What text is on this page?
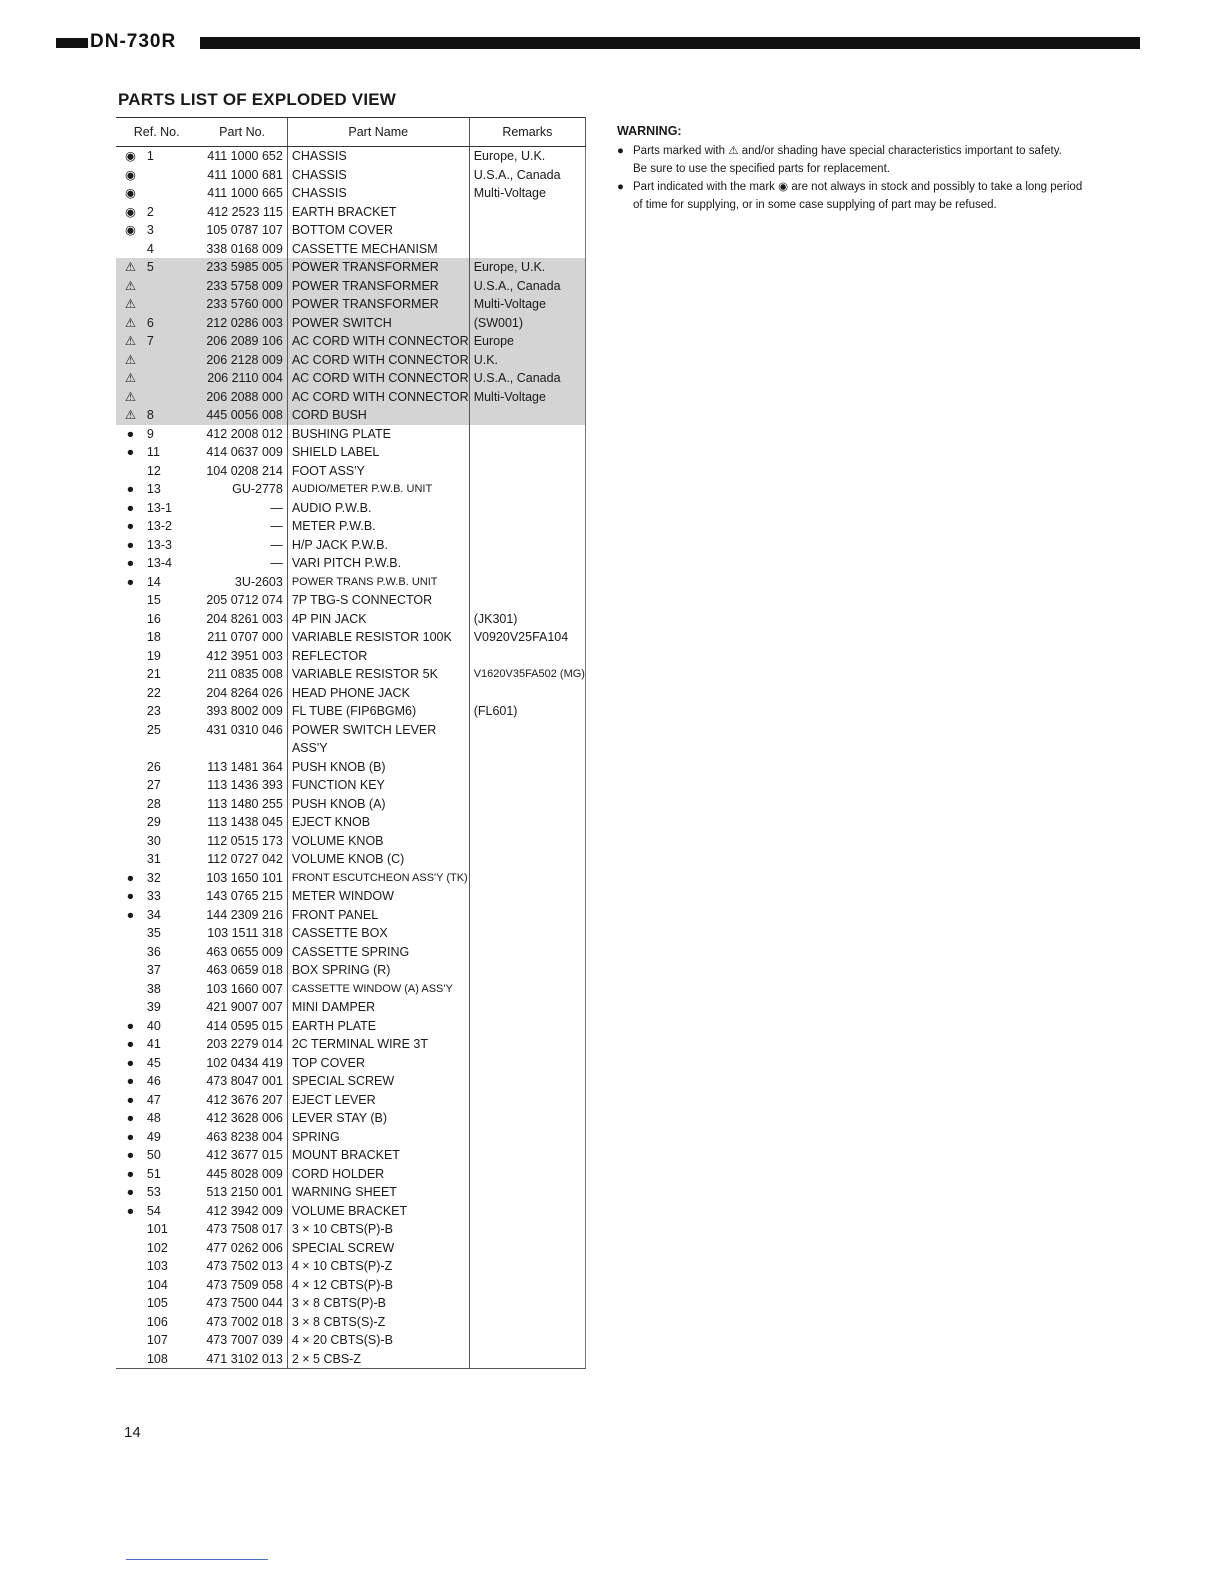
DN-730R
PARTS LIST OF EXPLODED VIEW
Ref. No.		Part No.	Part Name	Remarks
◉	1	411 1000 652	CHASSIS	Europe, U.K.
◉		411 1000 681	CHASSIS	U.S.A., Canada
◉		411 1000 665	CHASSIS	Multi-Voltage
◉	2	412 2523 115	EARTH BRACKET	
◉	3	105 0787 107	BOTTOM COVER	
	4	338 0168 009	CASSETTE MECHANISM	
⚠	5	233 5985 005	POWER TRANSFORMER	Europe, U.K.
⚠		233 5758 009	POWER TRANSFORMER	U.S.A., Canada
⚠		233 5760 000	POWER TRANSFORMER	Multi-Voltage
⚠	6	212 0286 003	POWER SWITCH	(SW001)
⚠	7	206 2089 106	AC CORD WITH CONNECTOR	Europe
⚠		206 2128 009	AC CORD WITH CONNECTOR	U.K.
⚠		206 2110 004	AC CORD WITH CONNECTOR	U.S.A., Canada
⚠		206 2088 000	AC CORD WITH CONNECTOR	Multi-Voltage
⚠	8	445 0056 008	CORD BUSH	
●	9	412 2008 012	BUSHING PLATE	
●	11	414 0637 009	SHIELD LABEL	
	12	104 0208 214	FOOT ASS'Y	
●	13	GU-2778	AUDIO/METER P.W.B. UNIT	
●	13-1	—	AUDIO P.W.B.	
●	13-2	—	METER P.W.B.	
●	13-3	—	H/P JACK P.W.B.	
●	13-4	—	VARI PITCH P.W.B.	
●	14	3U-2603	POWER TRANS P.W.B. UNIT	
	15	205 0712 074	7P TBG-S CONNECTOR	
	16	204 8261 003	4P PIN JACK	(JK301)
	18	211 0707 000	VARIABLE RESISTOR 100K	V0920V25FA104
	19	412 3951 003	REFLECTOR	
	21	211 0835 008	VARIABLE RESISTOR 5K	V1620V35FA502 (MG)
	22	204 8264 026	HEAD PHONE JACK	
	23	393 8002 009	FL TUBE (FIP6BGM6)	(FL601)
	25	431 0310 046	POWER SWITCH LEVER	
			ASS'Y	
	26	113 1481 364	PUSH KNOB (B)	
	27	113 1436 393	FUNCTION KEY	
	28	113 1480 255	PUSH KNOB (A)	
	29	113 1438 045	EJECT KNOB	
	30	112 0515 173	VOLUME KNOB	
	31	112 0727 042	VOLUME KNOB (C)	
●	32	103 1650 101	FRONT ESCUTCHEON ASS'Y (TK)	
●	33	143 0765 215	METER WINDOW	
●	34	144 2309 216	FRONT PANEL	
	35	103 1511 318	CASSETTE BOX	
	36	463 0655 009	CASSETTE SPRING	
	37	463 0659 018	BOX SPRING (R)	
	38	103 1660 007	CASSETTE WINDOW (A) ASS'Y	
	39	421 9007 007	MINI DAMPER	
●	40	414 0595 015	EARTH PLATE	
●	41	203 2279 014	2C TERMINAL WIRE 3T	
●	45	102 0434 419	TOP COVER	
●	46	473 8047 001	SPECIAL SCREW	
●	47	412 3676 207	EJECT LEVER	
●	48	412 3628 006	LEVER STAY (B)	
●	49	463 8238 004	SPRING	
●	50	412 3677 015	MOUNT BRACKET	
●	51	445 8028 009	CORD HOLDER	
●	53	513 2150 001	WARNING SHEET	
●	54	412 3942 009	VOLUME BRACKET	
	101	473 7508 017	3 × 10 CBTS(P)-B	
	102	477 0262 006	SPECIAL SCREW	
	103	473 7502 013	4 × 10 CBTS(P)-Z	
	104	473 7509 058	4 × 12 CBTS(P)-B	
	105	473 7500 044	3 × 8 CBTS(P)-B	
	106	473 7002 018	3 × 8 CBTS(S)-Z	
	107	473 7007 039	4 × 20 CBTS(S)-B	
	108	471 3102 013	2 × 5 CBS-Z	
WARNING:
● Parts marked with ⚠ and/or shading have special characteristics important to safety.
Be sure to use the specified parts for replacement.
● Part indicated with the mark ◉ are not always in stock and possibly to take a long period of time for supplying, or in some case supplying of part may be refused.
14
